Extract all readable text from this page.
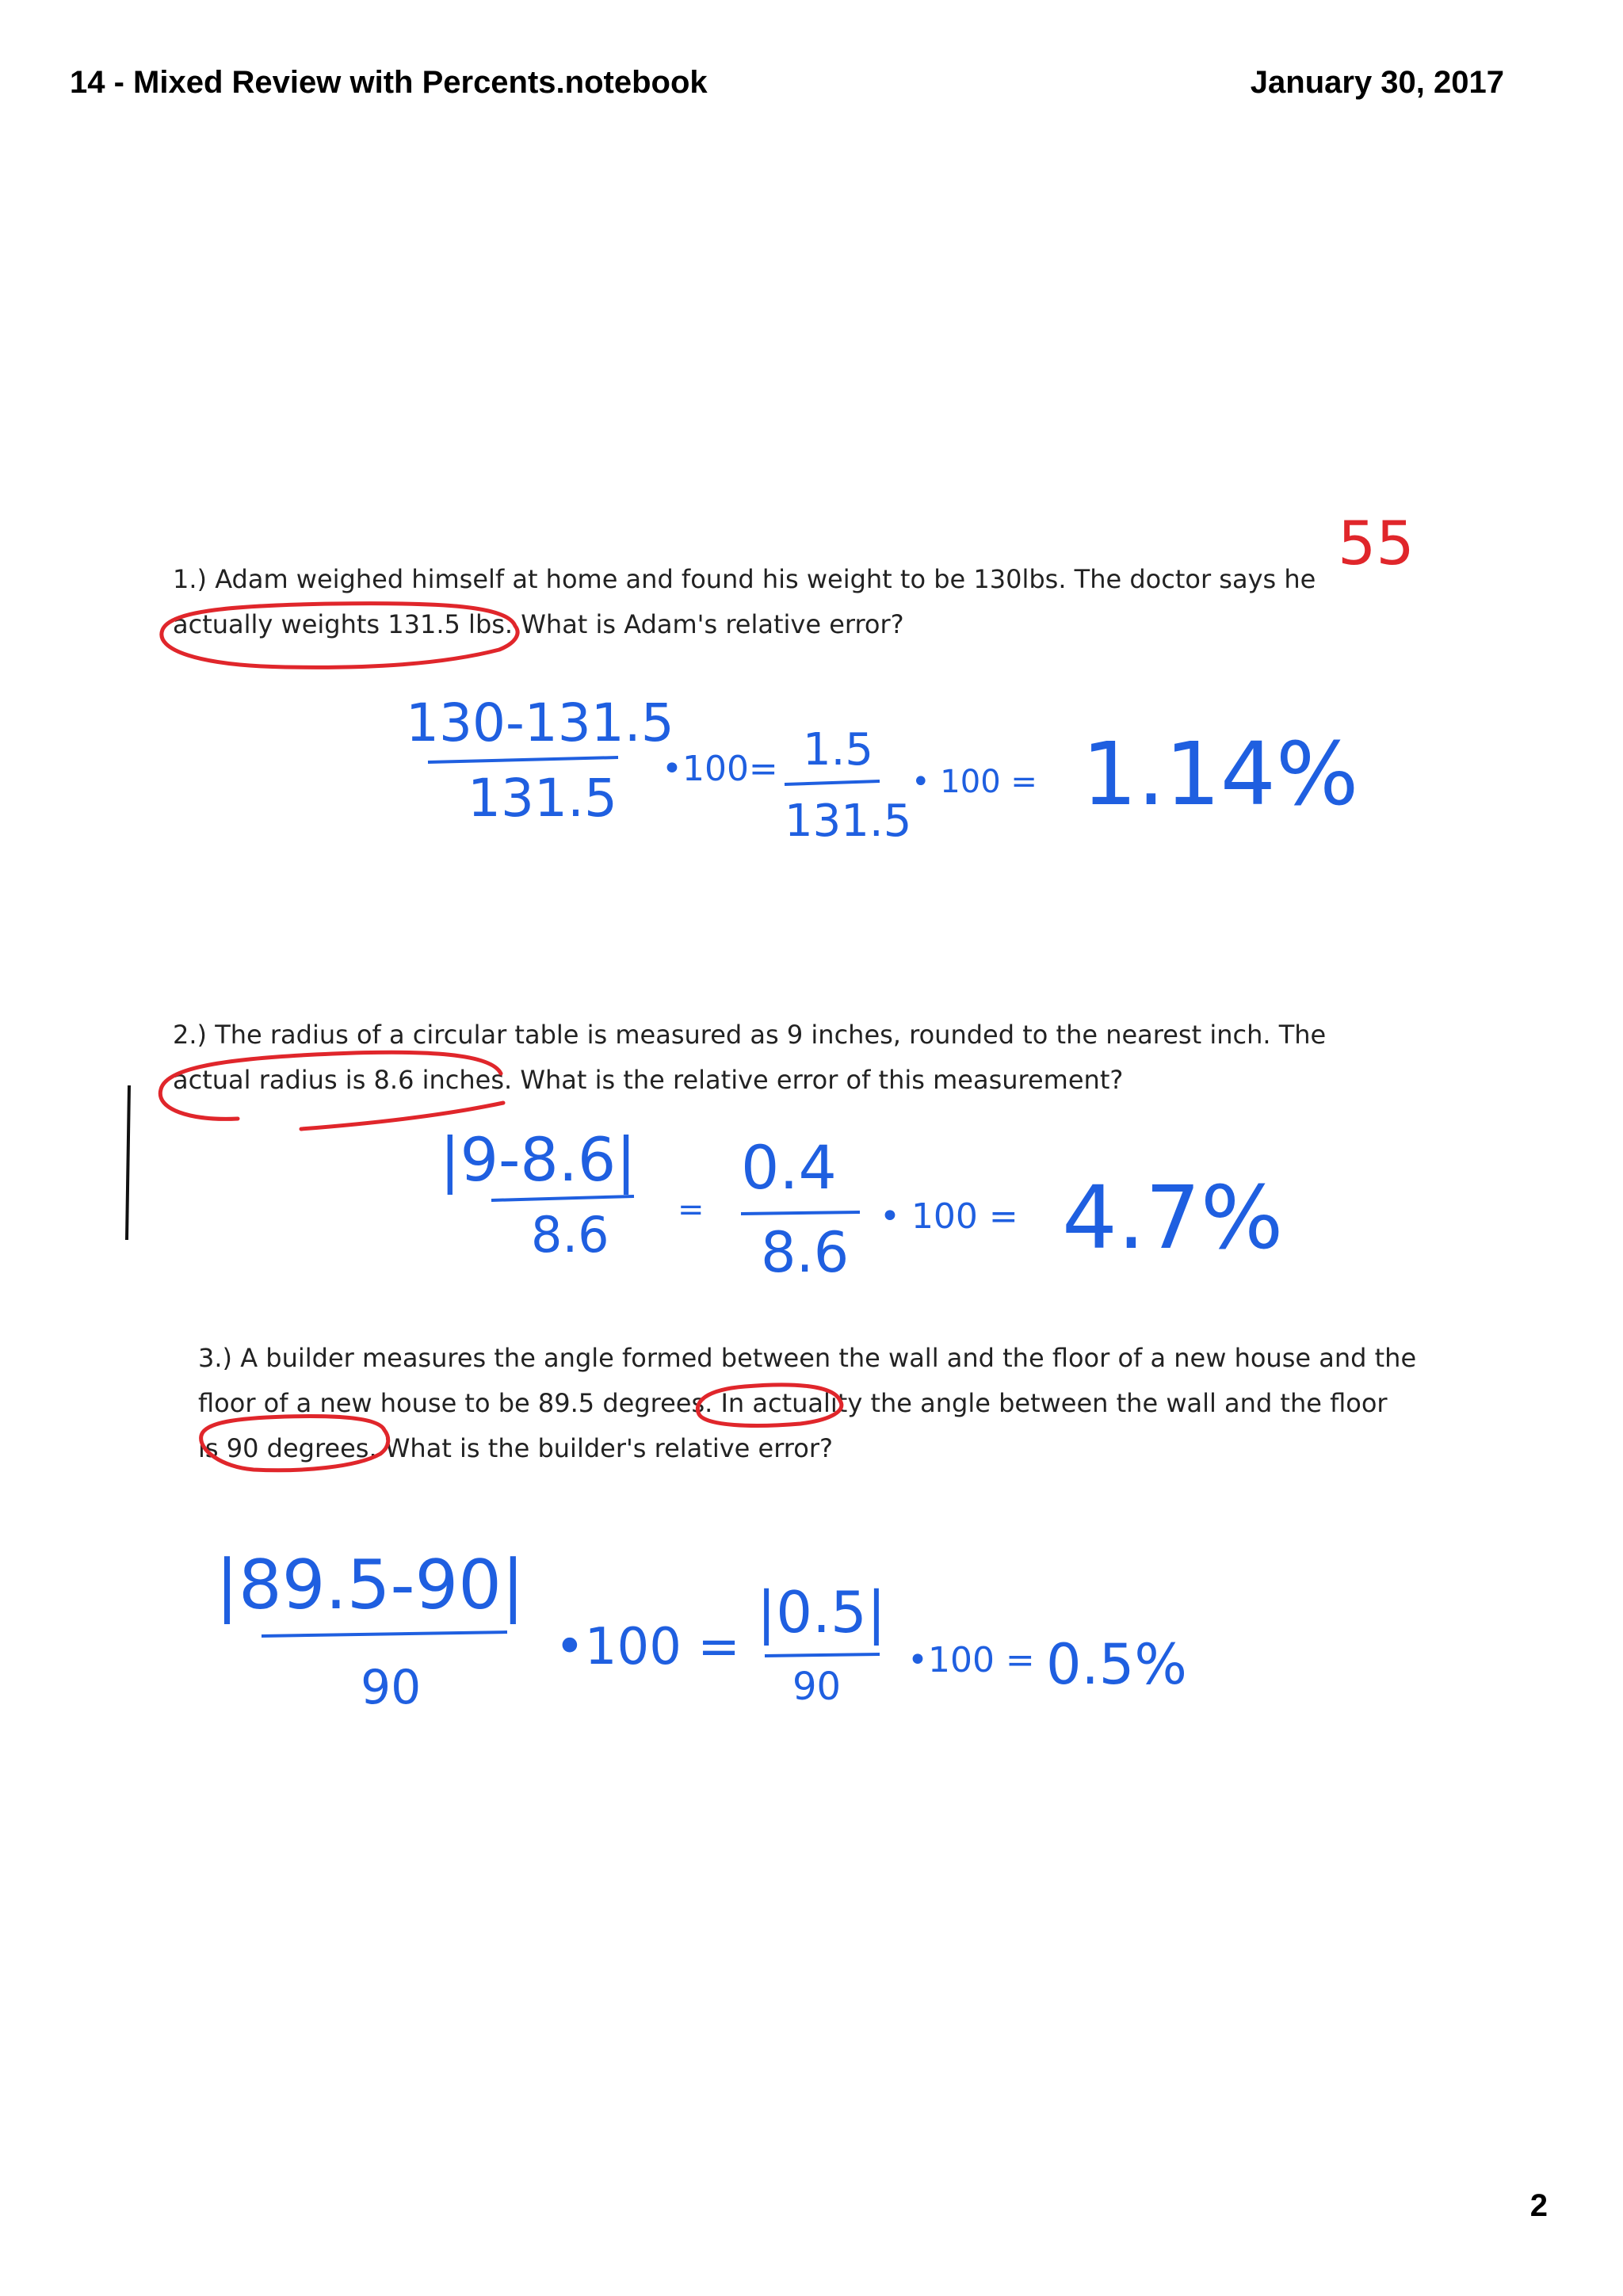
14 - Mixed Review with Percents.notebook	January 30, 2017
1.) Adam weighed himself at home and found his weight to be 130lbs. The doctor says he
actually weights 131.5 lbs. What is Adam's relative error?
2.) The radius of a circular table is measured as 9 inches, rounded to the nearest inch. The
actual radius is 8.6 inches. What is the relative error of this measurement?
3.) A builder measures the angle formed between the wall and the floor of a new house and the
floor of a new house to be 89.5 degrees. In actuality the angle between the wall and the floor
is 90 degrees. What is the builder's relative error?
55
130-131.5
131.5 •100= 1.5
131.5
• 100 = 1.14%
|9-8.6|
8.6 =
0.4
8.6
• 100 = 4.7%
|89.5-90|
90
•100 =
|0.5|
90
•100 = 0.5%
2
